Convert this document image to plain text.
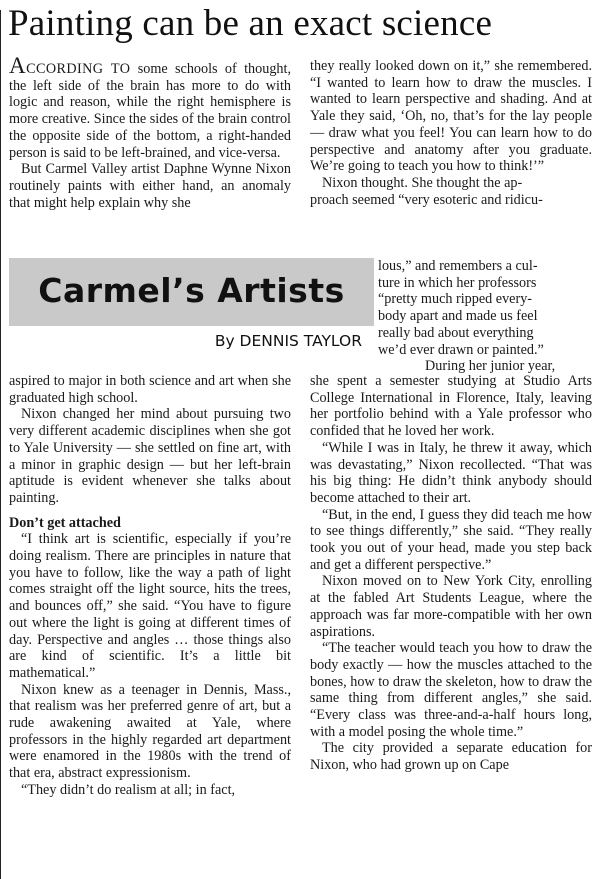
Painting can be an exact science

ACCORDING TO some schools of thought, the left side of the brain has more to do with logic and reason, while the right hemisphere is more creative. Since the sides of the brain control the opposite side of the bottom, a right-handed person is said to be left-brained, and vice-versa.

But Carmel Valley artist Daphne Wynne Nixon routinely paints with either hand, an anomaly that might help explain why she

Carmel’s Artists
By DENNIS TAYLOR

they really looked down on it,” she remembered. “I wanted to learn how to draw the muscles. I wanted to learn perspective and shading. And at Yale they said, ‘Oh, no, that’s for the lay people — draw what you feel! You can learn how to do perspective and anatomy after you graduate. We’re going to teach you how to think!’”

Nixon thought. She thought the ap-
proach seemed “very esoteric and ridicu-
lous,” and remembers a cul-
ture in which her professors
“pretty much ripped every-
body apart and made us feel
really bad about everything
we’d ever drawn or painted.”
During her junior year,

aspired to major in both science and art when she graduated high school.

Nixon changed her mind about pursuing two very different academic disciplines when she got to Yale University — she settled on fine art, with a minor in graphic design — but her left-brain aptitude is evident whenever she talks about painting.

Don’t get attached

“I think art is scientific, especially if you’re doing realism. There are principles in nature that you have to follow, like the way a path of light comes straight off the light source, hits the trees, and bounces off,” she said. “You have to figure out where the light is going at different times of day. Perspective and angles … those things also are kind of scientific. It’s a little bit mathematical.”

Nixon knew as a teenager in Dennis, Mass., that realism was her preferred genre of art, but a rude awakening awaited at Yale, where professors in the highly regarded art department were enamored in the 1980s with the trend of that era, abstract expressionism.

“They didn’t do realism at all; in fact,

she spent a semester studying at Studio Arts College International in Florence, Italy, leaving her portfolio behind with a Yale professor who confided that he loved her work.

“While I was in Italy, he threw it away, which was devastating,” Nixon recollected. “That was his big thing: He didn’t think anybody should become attached to their art.

“But, in the end, I guess they did teach me how to see things differently,” she said. “They really took you out of your head, made you step back and get a different perspective.”

Nixon moved on to New York City, enrolling at the fabled Art Students League, where the approach was far more-compatible with her own aspirations.

“The teacher would teach you how to draw the body exactly — how the muscles attached to the bones, how to draw the skeleton, how to draw the same thing from different angles,” she said. “Every class was three-and-a-half hours long, with a model posing the whole time.”

The city provided a separate education for Nixon, who had grown up on Cape
